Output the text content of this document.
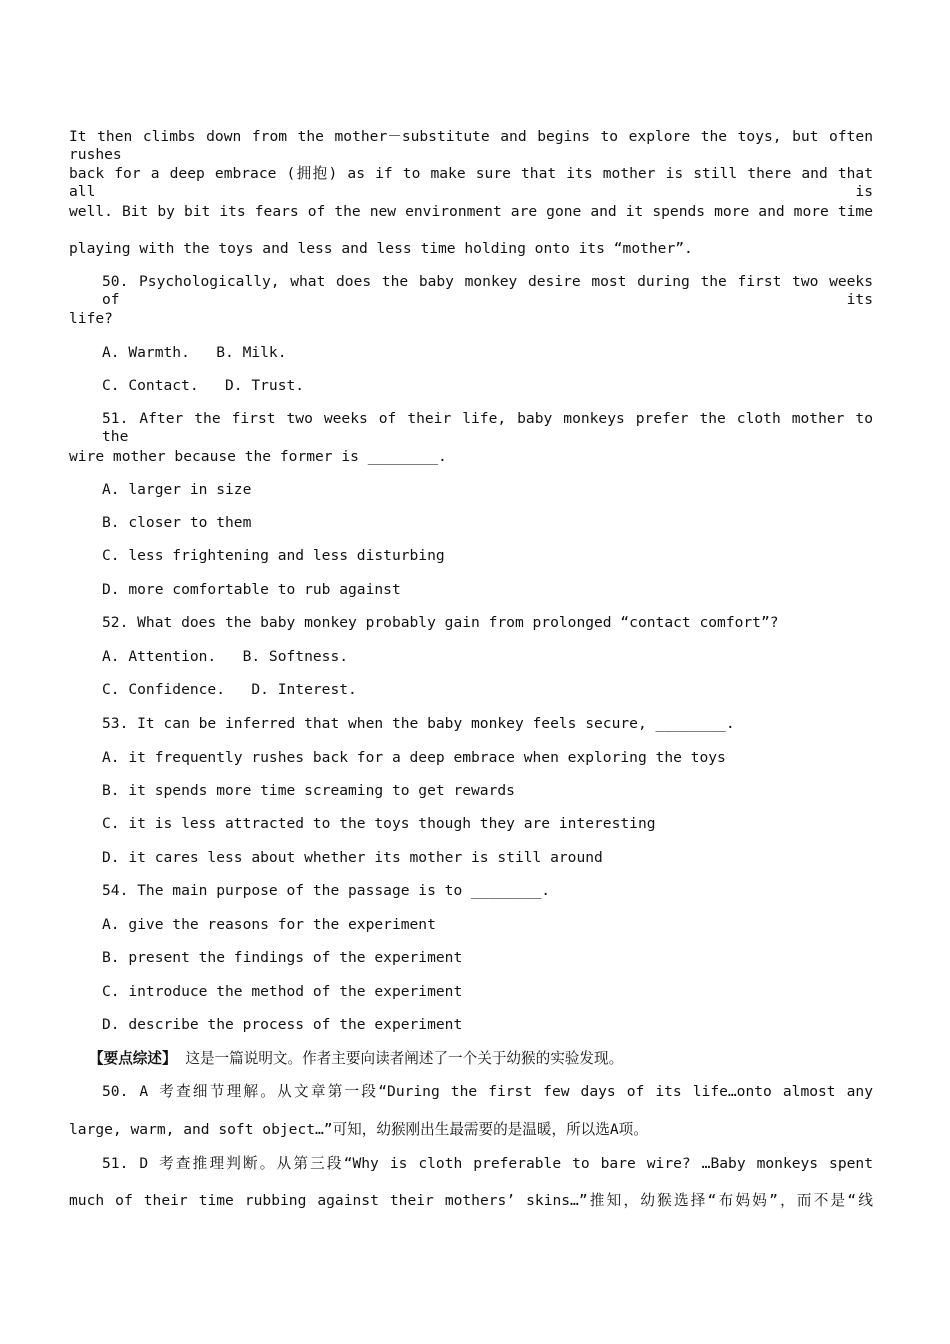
It then climbs down from the mother－substitute and begins to explore the toys, but often rushes
back for a deep embrace (拥抱) as if to make sure that its mother is still there and that all is
well. Bit by bit its fears of the new environment are gone and it spends more and more time
playing with the toys and less and less time holding onto its “mother”.
50. Psychologically, what does the baby monkey desire most during the first two weeks of its
life?
A. Warmth.   B. Milk.
C. Contact.   D. Trust.
51. After the first two weeks of their life, baby monkeys prefer the cloth mother to the
wire mother because the former is ________.
A. larger in size
B. closer to them
C. less frightening and less disturbing
D. more comfortable to rub against
52. What does the baby monkey probably gain from prolonged “contact comfort”?
A. Attention.   B. Softness.
C. Confidence.   D. Interest.
53. It can be inferred that when the baby monkey feels secure, ________.
A. it frequently rushes back for a deep embrace when exploring the toys
B. it spends more time screaming to get rewards
C. it is less attracted to the toys though they are interesting
D. it cares less about whether its mother is still around
54. The main purpose of the passage is to ________.
A. give the reasons for the experiment
B. present the findings of the experiment
C. introduce the method of the experiment
D. describe the process of the experiment
【要点综述】 这是一篇说明文。作者主要向读者阐述了一个关于幼猴的实验发现。
50. A 考查细节理解。从文章第一段“During the first few days of its life…onto almost any
large, warm, and soft object…”可知，幼猴刚出生最需要的是温暖，所以选A项。
51. D 考查推理判断。从第三段“Why is cloth preferable to bare wire? …Baby monkeys spent
much of their time rubbing against their mothers’ skins…”推知，幼猴选择“布妈妈”，而不是“线
